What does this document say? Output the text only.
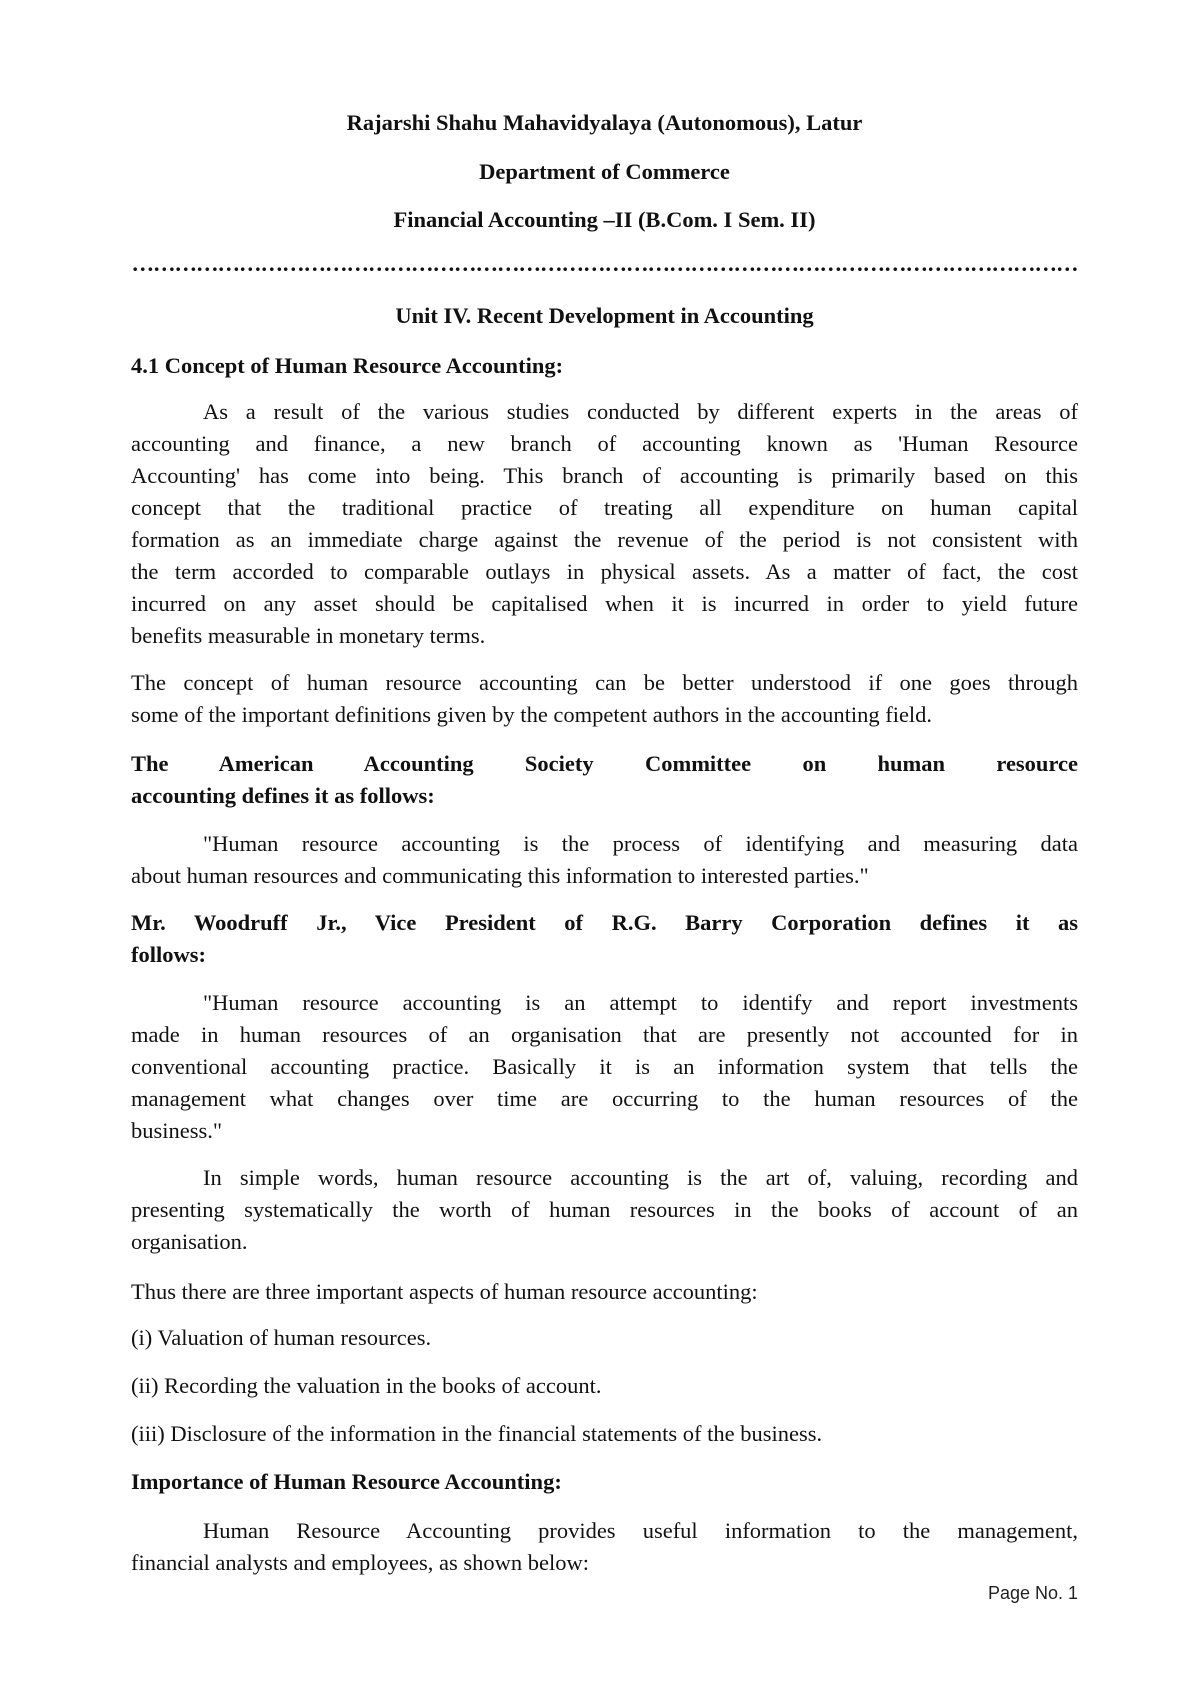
Rajarshi Shahu Mahavidyalaya (Autonomous), Latur
Department of Commerce
Financial Accounting –II (B.Com. I Sem. II)
……………………………………………………………………………………………………………………
Unit IV. Recent Development in Accounting
4.1 Concept of Human Resource Accounting:
As a result of the various studies conducted by different experts in the areas of
accounting and finance, a new branch of accounting known as 'Human Resource
Accounting' has come into being. This branch of accounting is primarily based on this
concept that the traditional practice of treating all expenditure on human capital
formation as an immediate charge against the revenue of the period is not consistent with
the term accorded to comparable outlays in physical assets. As a matter of fact, the cost
incurred on any asset should be capitalised when it is incurred in order to yield future
benefits measurable in monetary terms.
The concept of human resource accounting can be better understood if one goes through
some of the important definitions given by the competent authors in the accounting field.
The American Accounting Society Committee on human resource
accounting defines it as follows:
"Human resource accounting is the process of identifying and measuring data
about human resources and communicating this information to interested parties."
Mr. Woodruff Jr., Vice President of R.G. Barry Corporation defines it as
follows:
"Human resource accounting is an attempt to identify and report investments
made in human resources of an organisation that are presently not accounted for in
conventional accounting practice. Basically it is an information system that tells the
management what changes over time are occurring to the human resources of the
business."
In simple words, human resource accounting is the art of, valuing, recording and
presenting systematically the worth of human resources in the books of account of an
organisation.
Thus there are three important aspects of human resource accounting:
(i) Valuation of human resources.
(ii) Recording the valuation in the books of account.
(iii) Disclosure of the information in the financial statements of the business.
Importance of Human Resource Accounting:
Human Resource Accounting provides useful information to the management,
financial analysts and employees, as shown below:
Page No. 1
